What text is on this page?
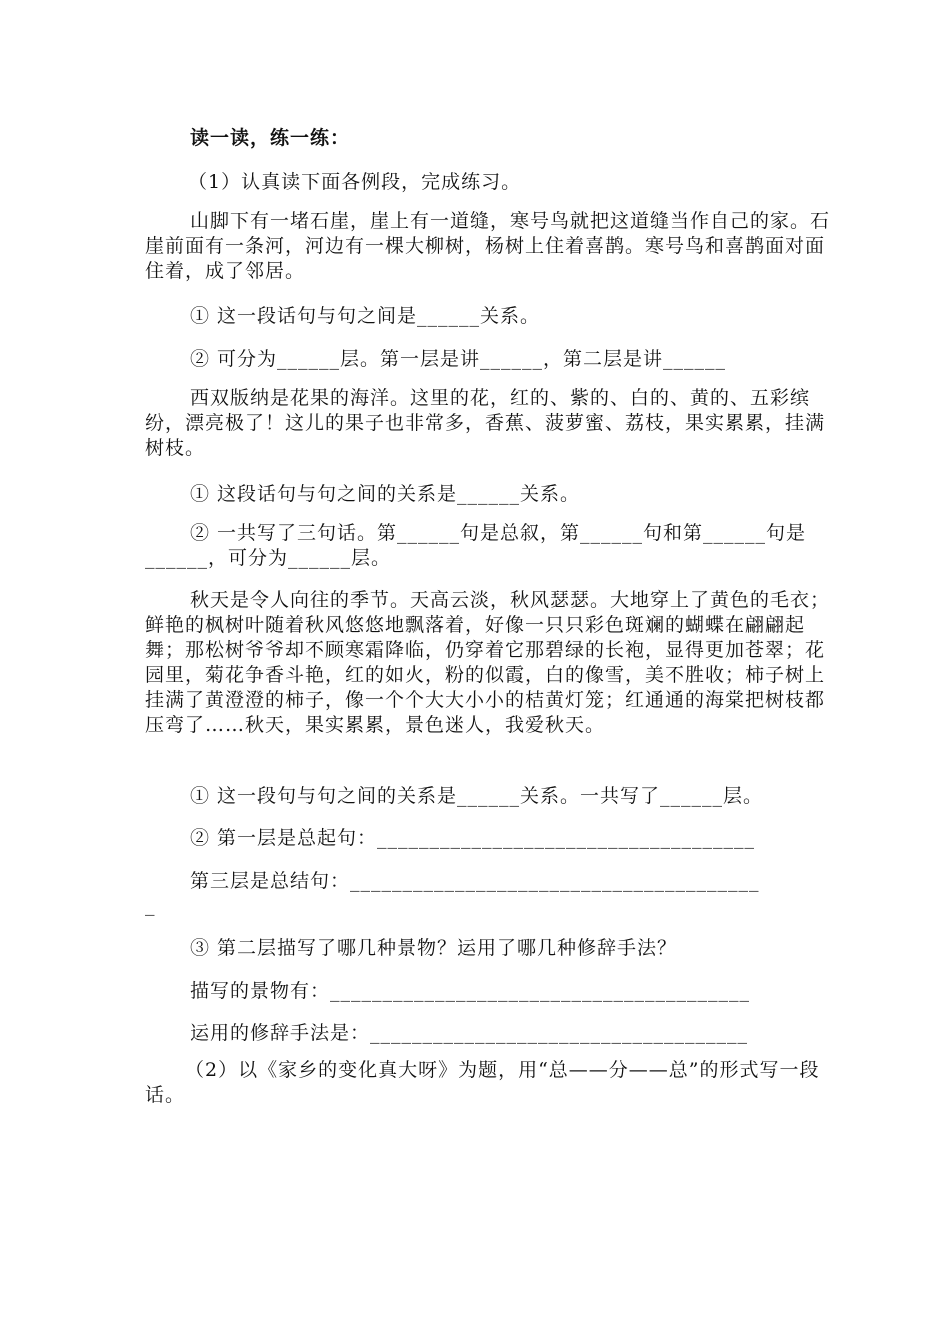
读一读，练一练：
（1）认真读下面各例段，完成练习。
山脚下有一堵石崖，崖上有一道缝，寒号鸟就把这道缝当作自己的家。石崖前面有一条河，河边有一棵大柳树，杨树上住着喜鹊。寒号鸟和喜鹊面对面住着，成了邻居。
① 这一段话句与句之间是______关系。
② 可分为______层。第一层是讲______，第二层是讲______
西双版纳是花果的海洋。这里的花，红的、紫的、白的、黄的、五彩缤纷，漂亮极了！这儿的果子也非常多，香蕉、菠萝蜜、荔枝，果实累累，挂满树枝。
① 这段话句与句之间的关系是______关系。
② 一共写了三句话。第______句是总叙，第______句和第______句是______，可分为______层。
秋天是令人向往的季节。天高云淡，秋风瑟瑟。大地穿上了黄色的毛衣；鲜艳的枫树叶随着秋风悠悠地飘落着，好像一只只彩色斑斓的蝴蝶在翩翩起舞；那松树爷爷却不顾寒霜降临，仍穿着它那碧绿的长袍，显得更加苍翠；花园里，菊花争香斗艳，红的如火，粉的似霞，白的像雪，美不胜收；柿子树上挂满了黄澄澄的柿子，像一个个大大小小的桔黄灯笼；红通通的海棠把树枝都压弯了……秋天，果实累累，景色迷人，我爱秋天。
① 这一段句与句之间的关系是______关系。一共写了______层。
② 第一层是总起句：____________________________________
第三层是总结句：_______________________________________
_
③ 第二层描写了哪几种景物？运用了哪几种修辞手法？
描写的景物有：________________________________________
运用的修辞手法是：____________________________________
（2）以《家乡的变化真大呀》为题，用“总——分——总”的形式写一段话。
